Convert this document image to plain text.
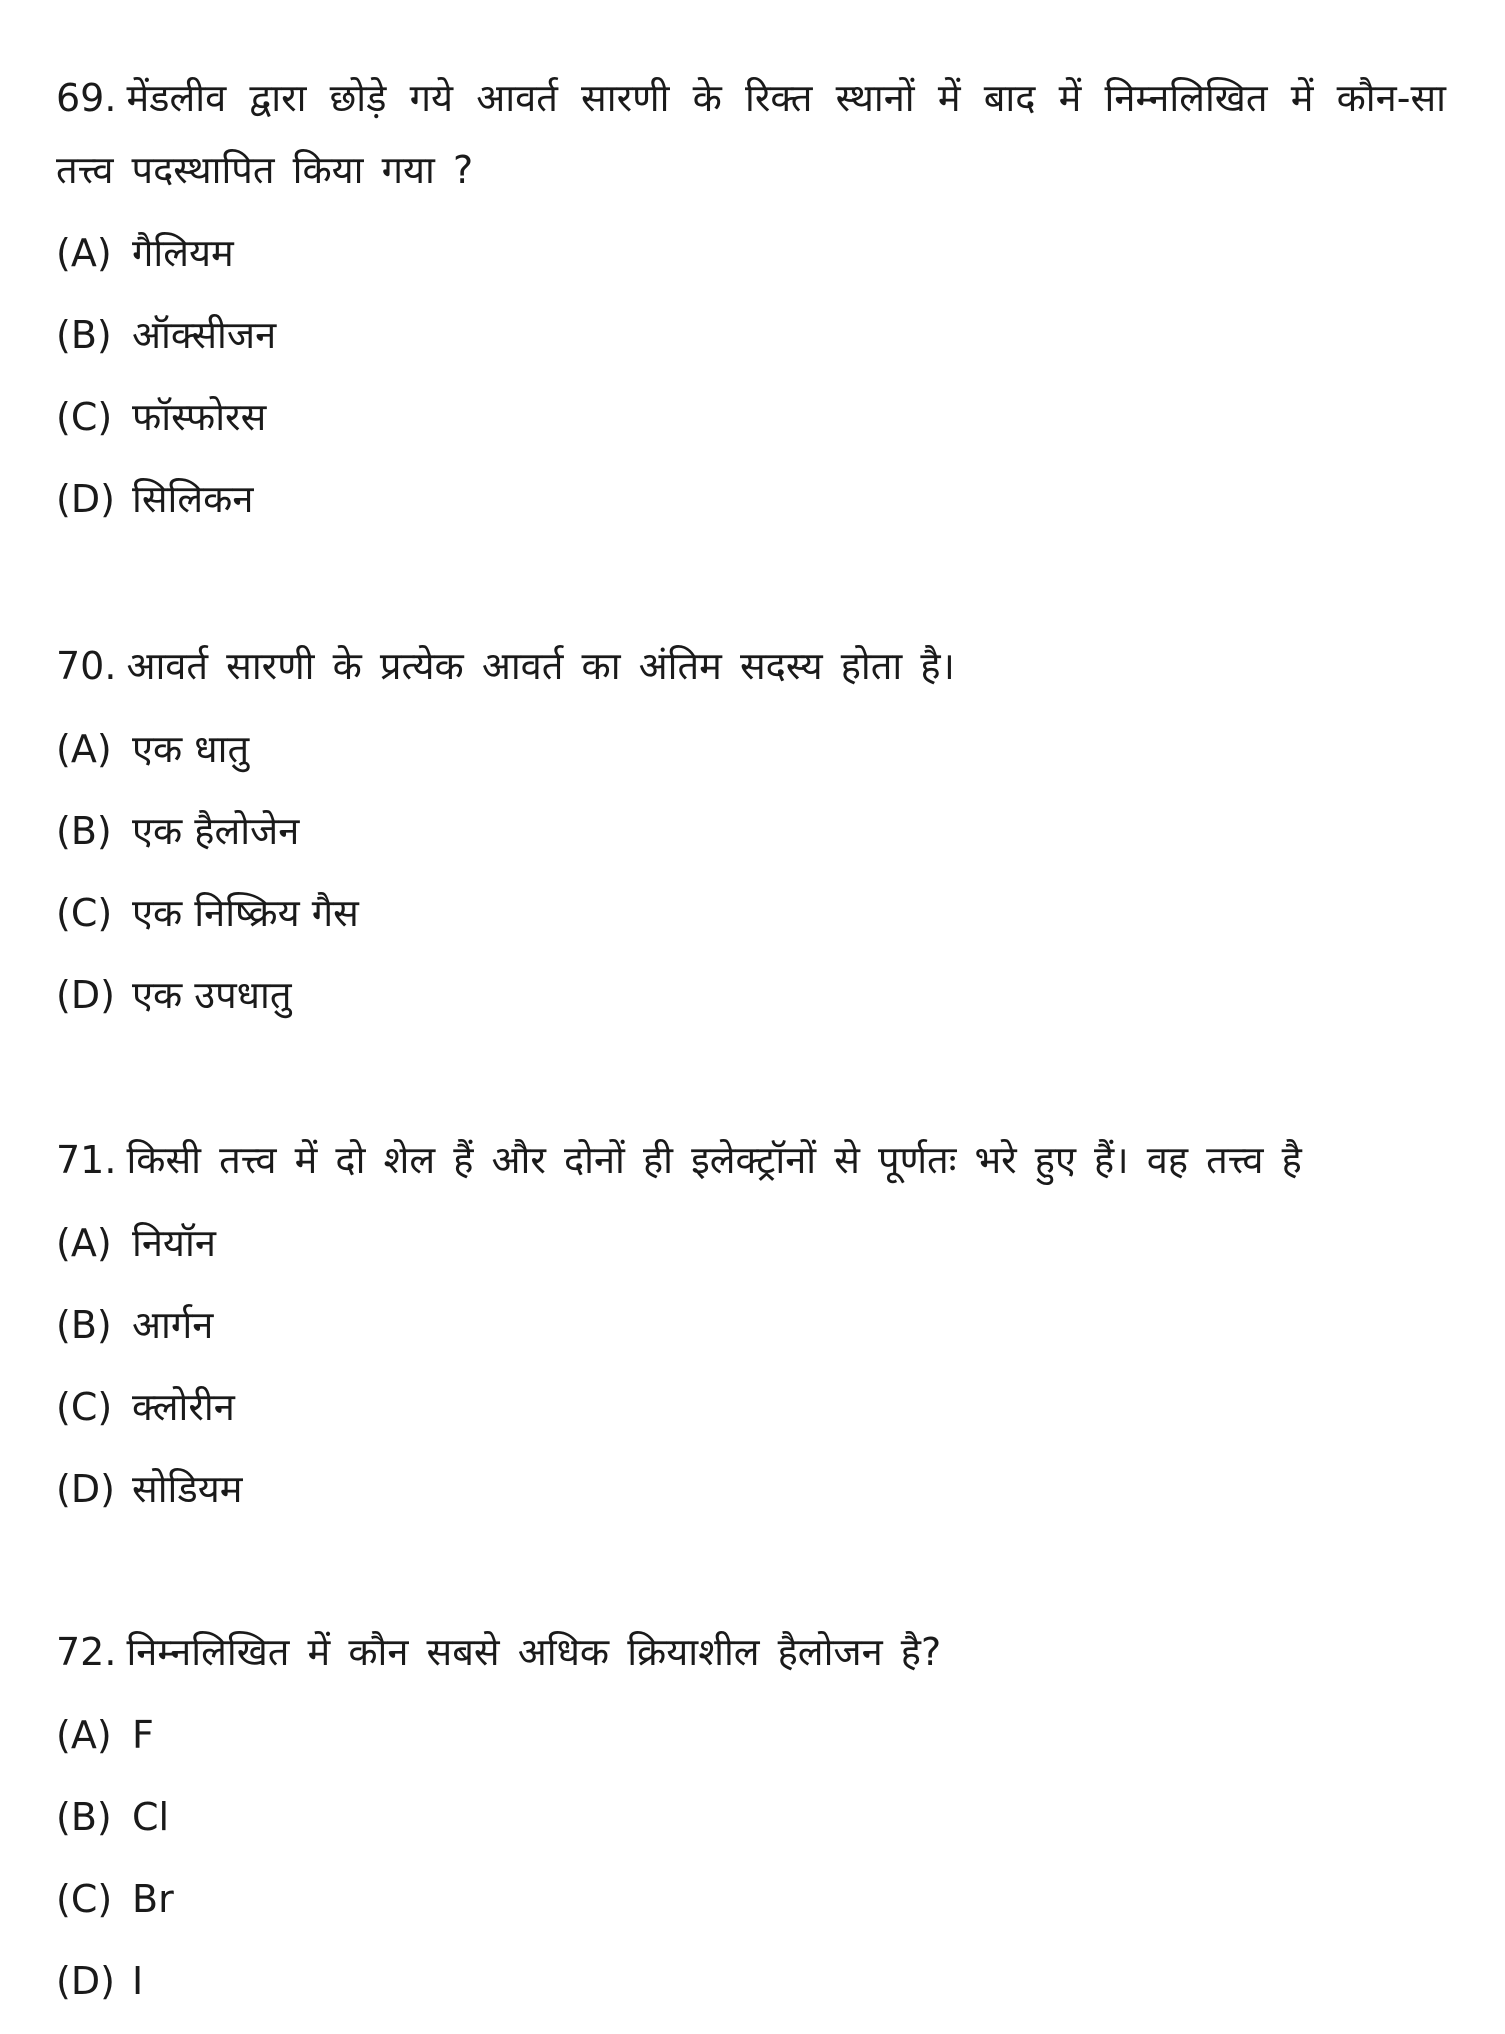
69. मेंडलीव द्वारा छोड़े गये आवर्त सारणी के रिक्त स्थानों में बाद में निम्नलिखित में कौन-सा तत्त्व पदस्थापित किया गया ?

(A) गैलियम
(B) ऑक्सीजन
(C) फॉस्फोरस
(D) सिलिकन

70. आवर्त सारणी के प्रत्येक आवर्त का अंतिम सदस्य होता है।

(A) एक धातु
(B) एक हैलोजेन
(C) एक निष्क्रिय गैस
(D) एक उपधातु

71. किसी तत्त्व में दो शेल हैं और दोनों ही इलेक्ट्रॉनों से पूर्णतः भरे हुए हैं। वह तत्त्व है

(A) नियॉन
(B) आर्गन
(C) क्लोरीन
(D) सोडियम

72. निम्नलिखित में कौन सबसे अधिक क्रियाशील हैलोजन है?

(A) F
(B) Cl
(C) Br
(D) I
